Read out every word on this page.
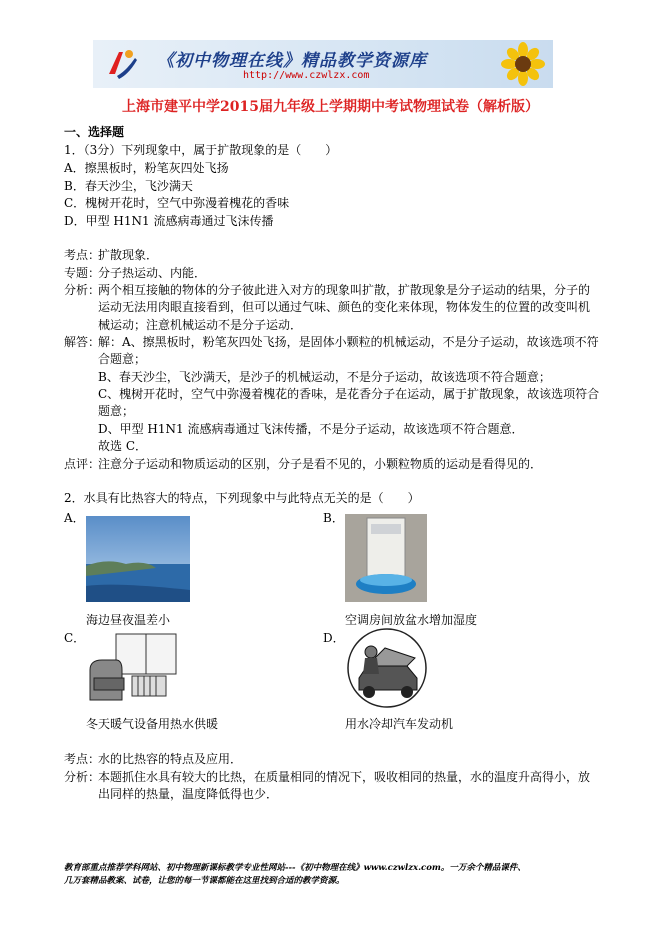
《初中物理在线》精品教学资源库
http://www.czwlzx.com
上海市建平中学2015届九年级上学期期中考试物理试卷（解析版）
一、选择题
1．（3分）下列现象中，属于扩散现象的是（　　）
A．擦黑板时，粉笔灰四处飞扬
B．春天沙尘，飞沙满天
C．槐树开花时，空气中弥漫着槐花的香味
D．甲型 H1N1 流感病毒通过飞沫传播
考点：
扩散现象．
专题：
分子热运动、内能．
分析：
两个相互接触的物体的分子彼此进入对方的现象叫扩散，扩散现象是分子运动的结果，分子的
运动无法用肉眼直接看到，但可以通过气味、颜色的变化来体现，物体发生的位置的改变叫机
械运动；注意机械运动不是分子运动．
解答：
解：A、擦黑板时，粉笔灰四处飞扬，是固体小颗粒的机械运动，不是分子运动，故该选项不符
合题意；
B、春天沙尘，飞沙满天，是沙子的机械运动，不是分子运动，故该选项不符合题意；
C、槐树开花时，空气中弥漫着槐花的香味，是花香分子在运动，属于扩散现象，故该选项符合
题意；
D、甲型 H1N1 流感病毒通过飞沫传播，不是分子运动，故该选项不符合题意．
故选 C．
点评：
注意分子运动和物质运动的区别，分子是看不见的，小颗粒物质的运动是看得见的．
2．水具有比热容大的特点，下列现象中与此特点无关的是（　　）
A．
海边昼夜温差小
B．
空调房间放盆水增加湿度
C．
冬天暖气设备用热水供暖
D．
用水冷却汽车发动机
考点：
水的比热容的特点及应用．
分析：
本题抓住水具有较大的比热，在质量相同的情况下，吸收相同的热量，水的温度升高得小，放
出同样的热量，温度降低得也少．
教育部重点推荐学科网站、初中物理新课标教学专业性网站---《初中物理在线》www.czwlzx.com。一万余个精品课件、
几万套精品教案、试卷，让您的每一节课都能在这里找到合适的教学资源。
